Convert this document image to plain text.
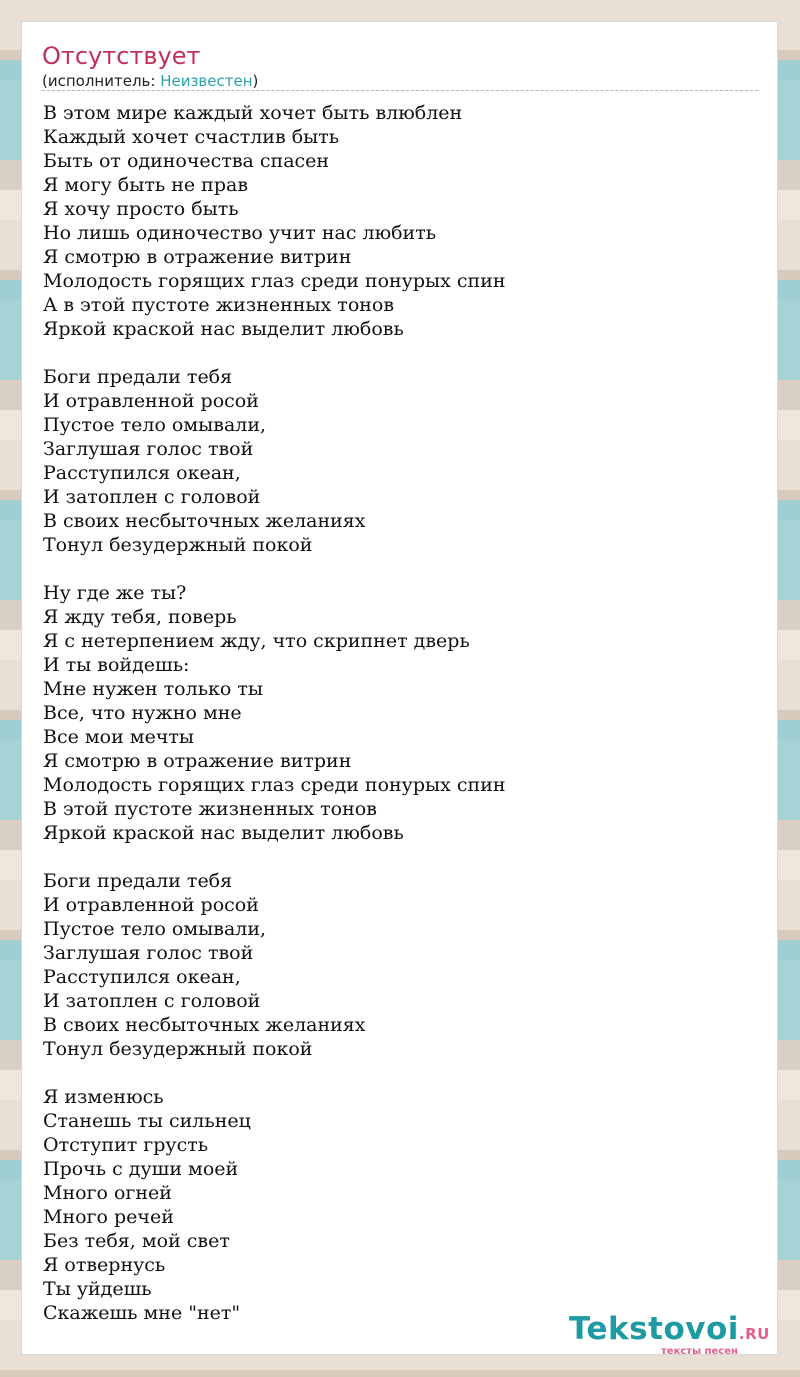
Отсутствует
(исполнитель: Неизвестен)
В этом мире каждый хочет быть влюблен
Каждый хочет счастлив быть
Быть от одиночества спасен
Я могу быть не прав
Я хочу просто быть
Но лишь одиночество учит нас любить
Я смотрю в отражение витрин
Молодость горящих глаз среди понурых спин
А в этой пустоте жизненных тонов
Яркой краской нас выделит любовь

Боги предали тебя
И отравленной росой
Пустое тело омывали,
Заглушая голос твой
Расступился океан,
И затоплен с головой
В своих несбыточных желаниях
Тонул безудержный покой

Ну где же ты?
Я жду тебя, поверь
Я с нетерпением жду, что скрипнет дверь
И ты войдешь:
Мне нужен только ты
Все, что нужно мне
Все мои мечты
Я смотрю в отражение витрин
Молодость горящих глаз среди понурых спин
В этой пустоте жизненных тонов
Яркой краской нас выделит любовь

Боги предали тебя
И отравленной росой
Пустое тело омывали,
Заглушая голос твой
Расступился океан,
И затоплен с головой
В своих несбыточных желаниях
Тонул безудержный покой

Я изменюсь
Станешь ты сильнец
Отступит грусть
Прочь с души моей
Много огней
Много речей
Без тебя, мой свет
Я отвернусь
Ты уйдешь
Скажешь мне "нет"	Tekstovoi.RU
тексты песен
